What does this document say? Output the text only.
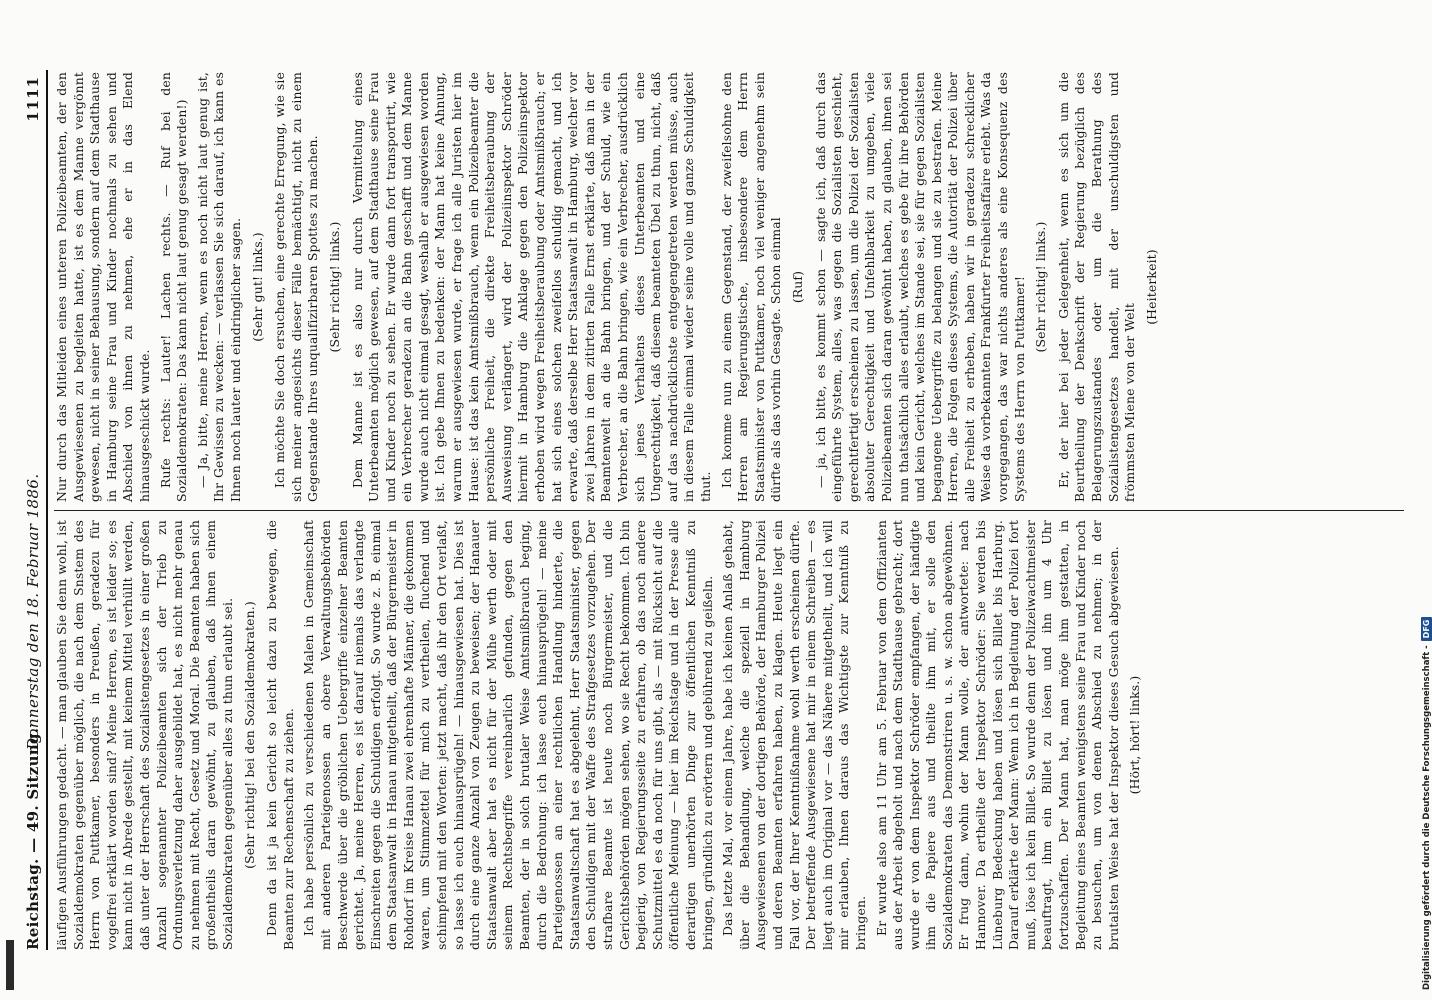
Reichstag. — 49. Sitzung.
Donnerstag den 18. Februar 1886.
1111

läufigen Ausführungen gedacht. — man glauben Sie denn wohl, ist Sozialdemokraten gegenüber möglich, die nach dem Snstem des Herrn von Puttkamer, besonders in Preußen, geradezu für vogelfrei erklärt worden sind? Meine Herren, es ist leider so; es kann nicht in Abrede gestellt, mit keinem Mittel verhüllt werden, daß unter der Herrschaft des Sozialistengesetzes in einer großen Anzahl sogenannter Polizeibeamten sich der Trieb zu Ordnungsverletzung daher ausgebildet hat, es nicht mehr genau zu nehmen mit Recht, Gesetz und Moral. Die Beamten haben sich großentheils daran gewöhnt, zu glauben, daß ihnen einem Sozialdemokraten gegenüber alles zu thun erlaubt sei. (Sehr richtig! bei den Sozialdemokraten.) Denn da ist ja kein Gericht so leicht dazu zu bewegen, die Beamten zur Rechenschaft zu ziehen. Ich habe persönlich zu verschiedenen Malen in Gemeinschaft mit anderen Parteigenossen an obere Verwaltungsbehörden Beschwerde über die gröblichen Uebergriffe einzelner Beamten gerichtet. Ja, meine Herren, es ist darauf niemals das verlangte Einschreiten gegen die Schuldigen erfolgt. So wurde z. B. einmal dem Staatsanwalt in Hanau mitgetheilt, daß der Bürgermeister in Rohdorf im Kreise Hanau zwei ehrenhafte Männer, die gekommen waren, um Stimmzettel für mich zu vertheilen, fluchend und schimpfend mit den Worten: jetzt macht, daß ihr den Ort verlaßt, so lasse ich euch hinausprügeln! — hinausgewiesen hat. Dies ist durch eine ganze Anzahl von Zeugen zu beweisen; der Hanauer Staatsanwalt aber hat es nicht für der Mühe werth oder mit seinem Rechtsbegriffe vereinbarlich gefunden, gegen den Beamten, der in solch brutaler Weise Amtsmißbrauch beging, durch die Bedrohung: ich lasse euch hinausprügeln! — meine Parteigenossen an einer rechtlichen Handlung hinderte, die Staatsanwaltschaft hat es abgelehnt, Herr Staatsminister, gegen den Schuldigen mit der Waffe des Strafgesetzes vorzugehen. Der strafbare Beamte ist heute noch Bürgermeister, und die Gerichtsbehörden mögen sehen, wo sie Recht bekommen. Ich bin begierig, von Regierungsseite zu erfahren, ob das noch andere Schutzmittel es da noch für uns gibt, als — mit Rücksicht auf die öffentliche Meinung — hier im Reichstage und in der Presse alle derartigen unerhörten Dinge zur öffentlichen Kenntniß zu bringen, gründlich zu erörtern und gebührend zu geißeln. Das letzte Mal, vor einem Jahre, habe ich keinen Anlaß gehabt, über die Behandlung, welche die speziell in Hamburg Ausgewiesenen von der dortigen Behörde, der Hamburger Polizei und deren Beamten erfahren haben, zu klagen. Heute liegt ein Fall vor, der Ihrer Kenntnißnahme wohl werth erscheinen dürfte. Der betreffende Ausgewiesene hat mir in einem Schreiben — es liegt auch im Original vor — das Nähere mitgetheilt, und ich will mir erlauben, Ihnen daraus das Wichtigste zur Kenntniß zu bringen. Er wurde also am 11 Uhr am 5. Februar von dem Offizianten aus der Arbeit abgeholt und nach dem Stadthause gebracht; dort wurde er von dem Inspektor Schröder empfangen, der händigte ihm die Papiere aus und theilte ihm mit, er solle den Sozialdemokraten das Demonstriren u. s. w. schon abgewöhnen. Er frug dann, wohin der Mann wolle, der antwortete: nach Hannover. Da ertheilte der Inspektor Schröder: Sie werden bis Lüneburg Bedeckung haben und lösen sich Billet bis Harburg. Darauf erklärte der Mann: Wenn ich in Begleitung der Polizei fort muß, löse ich kein Billet. So wurde denn der Polizeiwachtmeister beauftragt, ihm ein Billet zu lösen und ihn um 4 Uhr fortzuschaffen. Der Mann hat, man möge ihm gestatten, in Begleitung eines Beamten wenigstens seine Frau und Kinder noch zu besuchen, um von denen Abschied zu nehmen; in der brutalsten Weise hat der Inspektor dieses Gesuch abgewiesen. (Hört, hört! links.)

Nur durch das Mitleiden eines unteren Polizeibeamten, der den Ausgewiesenen zu begleiten hatte, ist es dem Manne vergönnt gewesen, nicht in seiner Behausung, sondern auf dem Stadthause in Hamburg seine Frau und Kinder nochmals zu sehen und Abschied von ihnen zu nehmen, ehe er in das Elend hinausgeschickt wurde. Rufe rechts: Lauter! Lachen rechts. — Ruf bei den Sozialdemokraten: Das kann nicht laut genug gesagt werden!) — Ja, bitte, meine Herren, wenn es noch nicht laut genug ist, Ihr Gewissen zu wecken: — verlassen Sie sich darauf, ich kann es Ihnen noch lauter und eindringlicher sagen. (Sehr gut! links.) Ich möchte Sie doch ersuchen, eine gerechte Erregung, wie sie sich meiner angesichts dieser Fälle bemächtigt, nicht zu einem Gegenstande Ihres unqualifizirbaren Spottes zu machen. (Sehr richtig! links.) Dem Manne ist es also nur durch Vermittelung eines Unterbeamten möglich gewesen, auf dem Stadthause seine Frau und Kinder noch zu sehen. Er wurde dann fort transportirt, wie ein Verbrecher geradezu an die Bahn geschafft und dem Manne wurde auch nicht einmal gesagt, weshalb er ausgewiesen worden ist. Ich gebe Ihnen zu bedenken: der Mann hat keine Ahnung, warum er ausgewiesen wurde, er frage ich alle Juristen hier im Hause: ist das kein Amtsmißbrauch, wenn ein Polizeibeamter die persönliche Freiheit, die direkte Freiheitsberaubung der Ausweisung verlängert, wird der Polizeiinspektor Schröder hiermit in Hamburg die Anklage gegen den Polizeiinspektor erhoben wird wegen Freiheitsberaubung oder Amtsmißbrauch; er hat sich eines solchen zweifellos schuldig gemacht, und ich erwarte, daß derselbe Herr Staatsanwalt in Hamburg, welcher vor zwei Jahren in dem zitirten Falle Ernst erklärte, daß man in der Beamtenwelt an die Bahn bringen, und der Schuld, wie ein Verbrecher, an die Bahn bringen, wie ein Verbrecher, ausdrücklich sich jenes Verhaltens dieses Unterbeamten und eine Ungerechtigkeit, daß diesem beamteten Übel zu thun, nicht, daß auf das nachdrücklichste entgegengetreten werden müsse, auch in diesem Falle einmal wieder seine volle und ganze Schuldigkeit thut. Ich komme nun zu einem Gegenstand, der zweifelsohne den Herren am Regierungstische, insbesondere dem Herrn Staatsminister von Puttkamer, noch viel weniger angenehm sein dürfte als das vorhin Gesagte. Schon einmal (Ruf) — ja, ich bitte, es kommt schon — sagte ich, daß durch das eingeführte System, alles, was gegen die Sozialisten geschieht, gerechtfertigt erscheinen zu lassen, um die Polizei der Sozialisten absoluter Gerechtigkeit und Unfehlbarkeit zu umgeben, viele Polizeibeamten sich daran gewöhnt haben, zu glauben, ihnen sei nun thatsächlich alles erlaubt, welches es gebe für ihre Behörden und kein Gericht, welches im Stande sei, sie für gegen Sozialisten begangene Uebergriffe zu belangen und sie zu bestrafen. Meine Herren, die Folgen dieses Systems, die Autorität der Polizei über alle Freiheit zu erheben, haben wir in geradezu schrecklicher Weise da vorbekannten Frankfurter Freiheitsaffaire erlebt. Was da vorgegangen, das war nichts anderes als eine Konsequenz des Systems des Herrn von Puttkamer! (Sehr richtig! links.) Er, der hier bei jeder Gelegenheit, wenn es sich um die Beurtheilung der Denkschrift der Regierung bezüglich des Belagerungszustandes oder um die Berathung des Sozialistengesetzes handelt, mit der unschuldigsten und frömmsten Miene von der Welt

(Heiterkeit)

Digitalisierung gefördert durch die Deutsche Forschungsgemeinschaft -DFG
